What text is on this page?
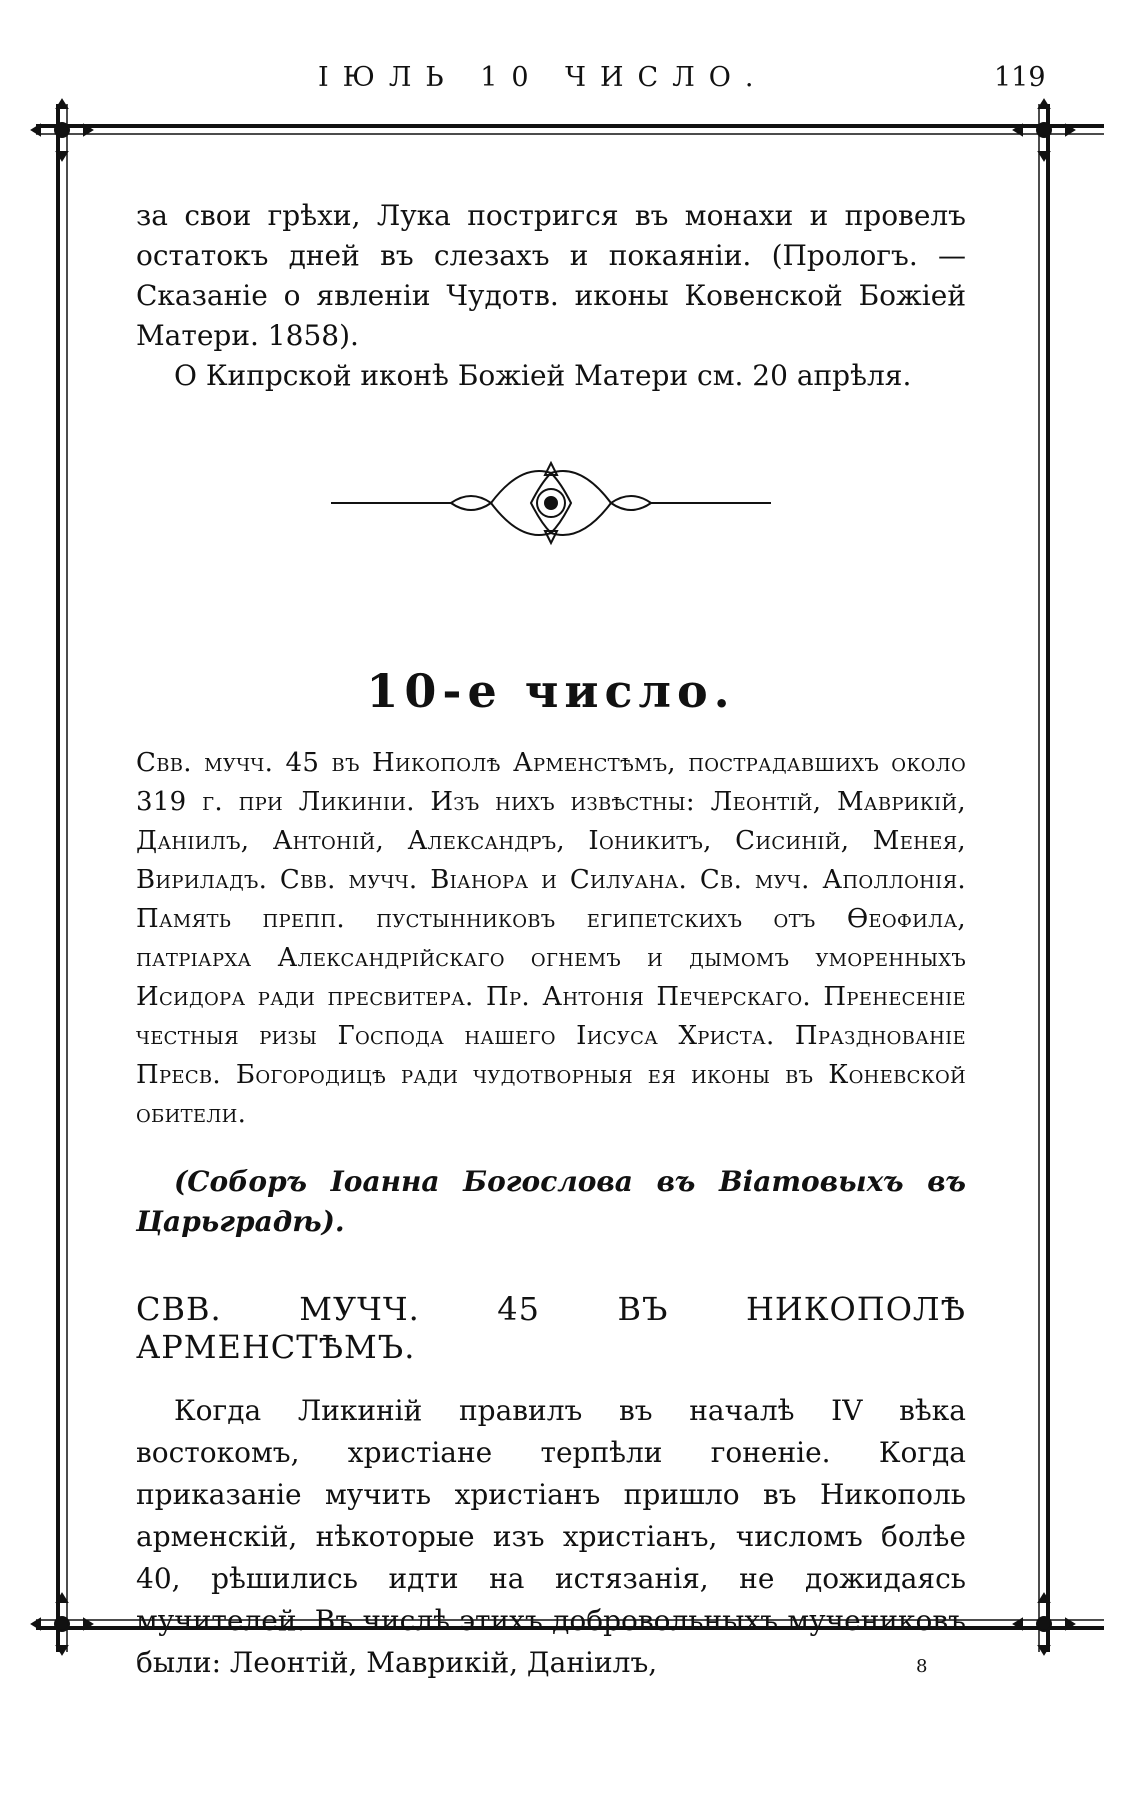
ІЮЛЬ 10 ЧИСЛО.	119
8

за свои грѣхи, Лука постригся въ монахи и провелъ остатокъ дней въ слезахъ и покаяніи. (Прологъ. — Сказаніе о явленіи Чудотв. иконы Ковенской Божіей Матери. 1858).

О Кипрской иконѣ Божіей Матери см. 20 апрѣля.

10-е число.

Свв. мучч. 45 въ Никополѣ Арменстѣмъ, пострадавшихъ около 319 г. при Ликиніи. Изъ нихъ извѣстны: Леонтій, Маврикій, Даніилъ, Антоній, Александръ, Іоникитъ, Сисиній, Менея, Вириладъ. Свв. мучч. Віанора и Силуана. Св. муч. Аполлонія. Память препп. пустынниковъ египетскихъ отъ Ѳеофила, патріарха Александрійскаго огнемъ и дымомъ уморенныхъ Исидора ради пресвитера. Пр. Антонія Печерскаго. Пренесеніе честныя ризы Господа нашего Іисуса Христа. Празднованіе Пресв. Богородицѣ ради чудотворныя ея иконы въ Коневской обители.

(Соборъ Іоанна Богослова въ Віатовыхъ въ Царьградѣ).

СВВ. МУЧЧ. 45 ВЪ НИКОПОЛѢ АРМЕНСТѢМЪ.

Когда Ликиній правилъ въ началѣ IV вѣка востокомъ, христіане терпѣли гоненіе. Когда приказаніе мучить христіанъ пришло въ Никополь арменскій, нѣкоторые изъ христіанъ, числомъ болѣе 40, рѣшились идти на истязанія, не дожидаясь мучителей. Въ числѣ этихъ добровольныхъ мучениковъ были: Леонтій, Маврикій, Даніилъ,
